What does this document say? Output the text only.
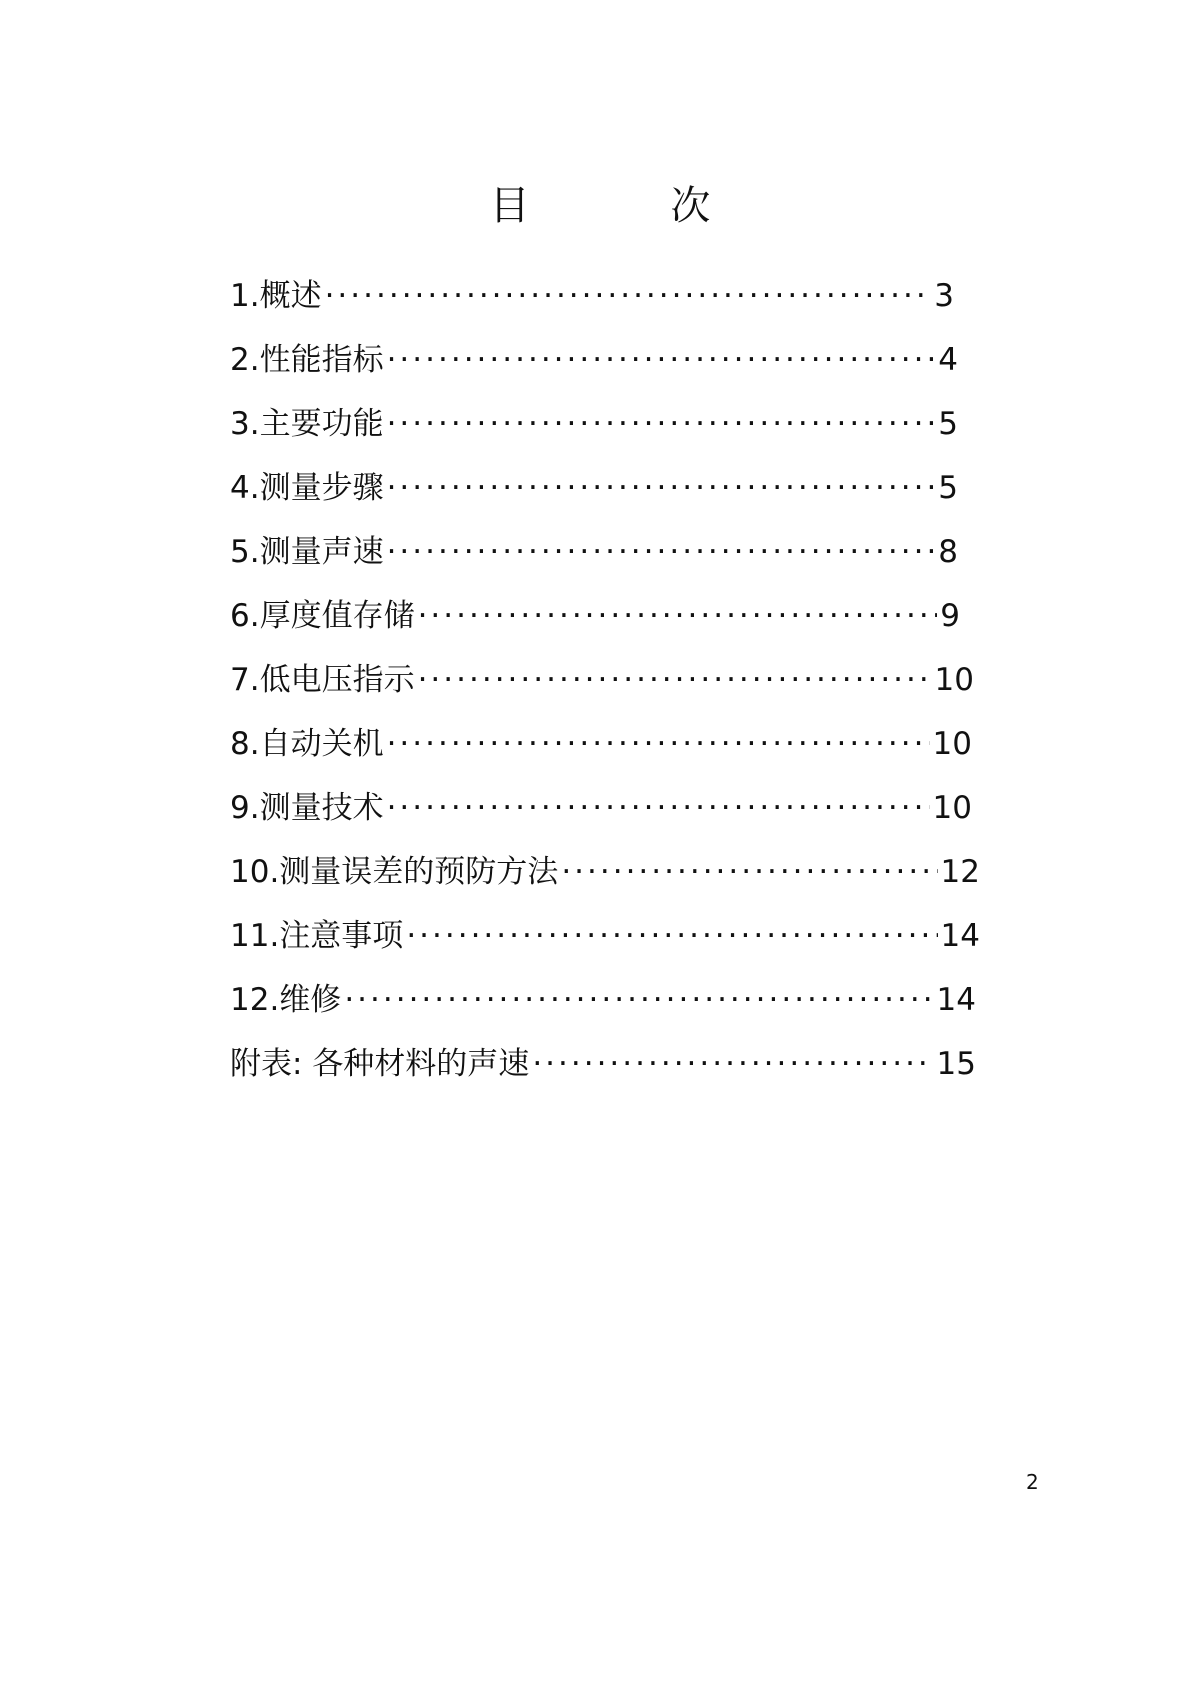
目 次
1.概述 ·····	3
2.性能指标 ·····	4
3.主要功能 ·····	5
4.测量步骤 ·····	5
5.测量声速 ·····	8
6.厚度值存储 ·····	9
7.低电压指示 ·····	10
8.自动关机 ·····	10
9.测量技术 ·····	10
10.测量误差的预防方法 ·····	12
11.注意事项 ·····	14
12.维修 ·····	14
附表: 各种材料的声速 ·····	15
2
